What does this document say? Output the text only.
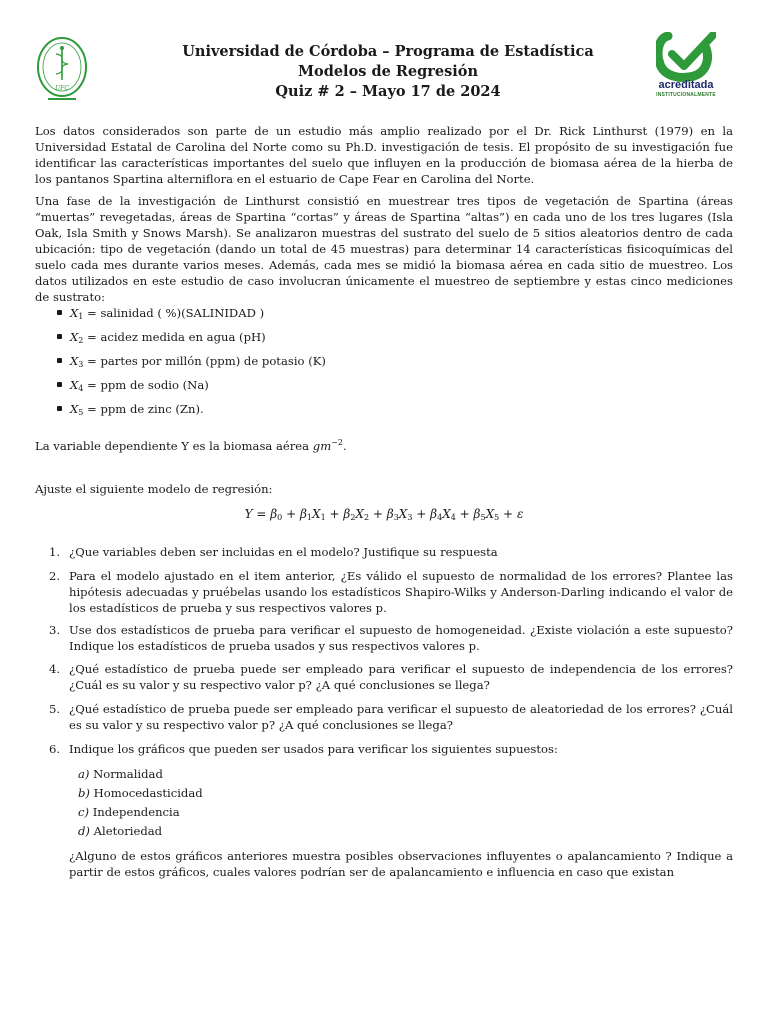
UFC	acreditada
INSTITUCIONALMENTE
Universidad de Córdoba – Programa de Estadística
Modelos de Regresión
Quiz # 2 – Mayo 17 de 2024
Los datos considerados son parte de un estudio más amplio realizado por el Dr. Rick Linthurst (1979) en la Universidad Estatal de Carolina del Norte como su Ph.D. investigación de tesis. El propósito de su investigación fue identificar las características importantes del suelo que influyen en la producción de biomasa aérea de la hierba de los pantanos Spartina alterniflora en el estuario de Cape Fear en Carolina del Norte.
Una fase de la investigación de Linthurst consistió en muestrear tres tipos de vegetación de Spartina (áreas “muertas” revegetadas, áreas de Spartina “cortas” y áreas de Spartina “altas”) en cada uno de los tres lugares (Isla Oak, Isla Smith y Snows Marsh). Se analizaron muestras del sustrato del suelo de 5 sitios aleatorios dentro de cada ubicación: tipo de vegetación (dando un total de 45 muestras) para determinar 14 características fisicoquímicas del suelo cada mes durante varios meses. Además, cada mes se midió la biomasa aérea en cada sitio de muestreo. Los datos utilizados en este estudio de caso involucran únicamente el muestreo de septiembre y estas cinco mediciones de sustrato:
$X_1$ = salinidad ( %)(SALINIDAD )
$X_2$ = acidez medida en agua (pH)
$X_3$ = partes por millón (ppm) de potasio (K)
$X_4$ = ppm de sodio (Na)
$X_5$ = ppm de zinc (Zn).
La variable dependiente Y es la biomasa aérea $gm^{-2}$.
Ajuste el siguiente modelo de regresión:
$Y = \beta_0 + \beta_1X_1 + \beta_2X_2 + \beta_3X_3 + \beta_4X_4 + \beta_5X_5 + \varepsilon$
1. ¿Que variables deben ser incluidas en el modelo? Justifique su respuesta
2. Para el modelo ajustado en el item anterior, ¿Es válido el supuesto de normalidad de los errores? Plantee las hipótesis adecuadas y pruébelas usando los estadísticos Shapiro-Wilks y Anderson-Darling indicando el valor de los estadísticos de prueba y sus respectivos valores p.
3. Use dos estadísticos de prueba para verificar el supuesto de homogeneidad. ¿Existe violación a este supuesto? Indique los estadísticos de prueba usados y sus respectivos valores p.
4. ¿Qué estadístico de prueba puede ser empleado para verificar el supuesto de independencia de los errores? ¿Cuál es su valor y su respectivo valor p? ¿A qué conclusiones se llega?
5. ¿Qué estadístico de prueba puede ser empleado para verificar el supuesto de aleatoriedad de los errores? ¿Cuál es su valor y su respectivo valor p? ¿A qué conclusiones se llega?
6. Indique los gráficos que pueden ser usados para verificar los siguientes supuestos:
a) Normalidad
b) Homocedasticidad
c) Independencia
d) Aletoriedad
¿Alguno de estos gráficos anteriores muestra posibles observaciones influyentes o apalancamiento ? Indique a partir de estos gráficos, cuales valores podrían ser de apalancamiento e influencia en caso que existan
